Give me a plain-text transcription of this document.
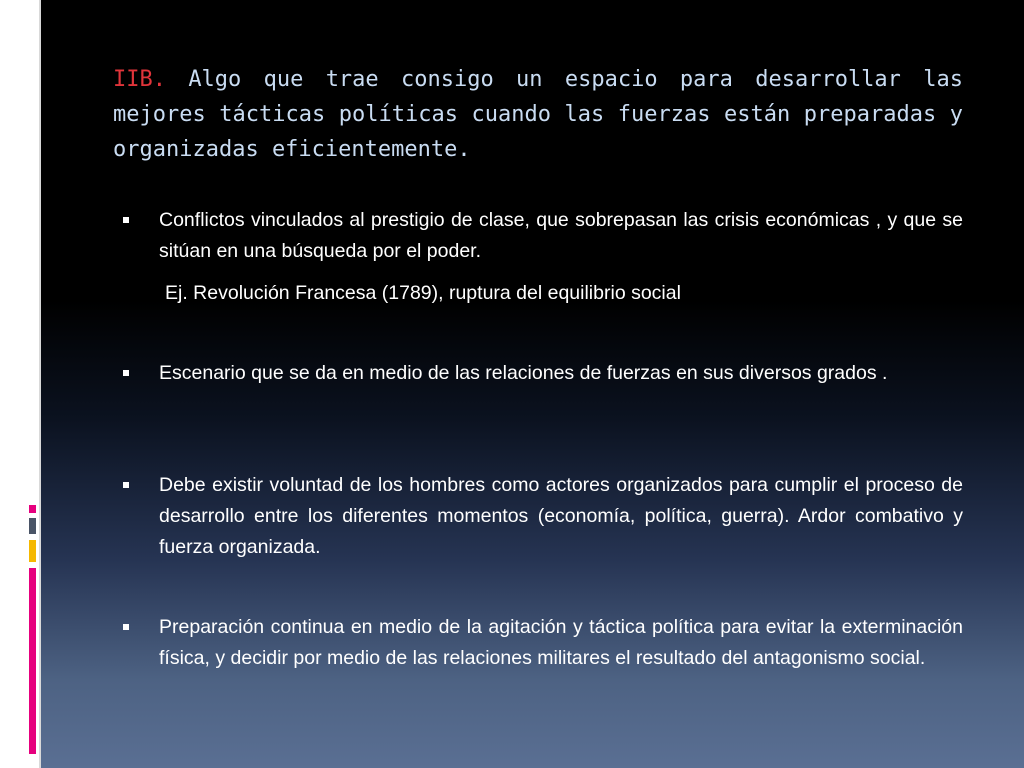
IIB. Algo que trae consigo un espacio para desarrollar las mejores tácticas políticas cuando las fuerzas están preparadas y organizadas eficientemente.

Conflictos vinculados al prestigio de clase, que sobrepasan las crisis económicas , y que se sitúan en una búsqueda por el poder.

Ej. Revolución Francesa (1789), ruptura del equilibrio social

Escenario que se da en medio de las relaciones de fuerzas en sus diversos grados .

Debe existir voluntad de los hombres como actores organizados para cumplir el proceso de desarrollo entre los diferentes momentos (economía, política, guerra). Ardor combativo y fuerza organizada.

Preparación continua en medio de la agitación y táctica política para evitar la exterminación física, y decidir por medio de las relaciones militares el resultado del antagonismo social.
